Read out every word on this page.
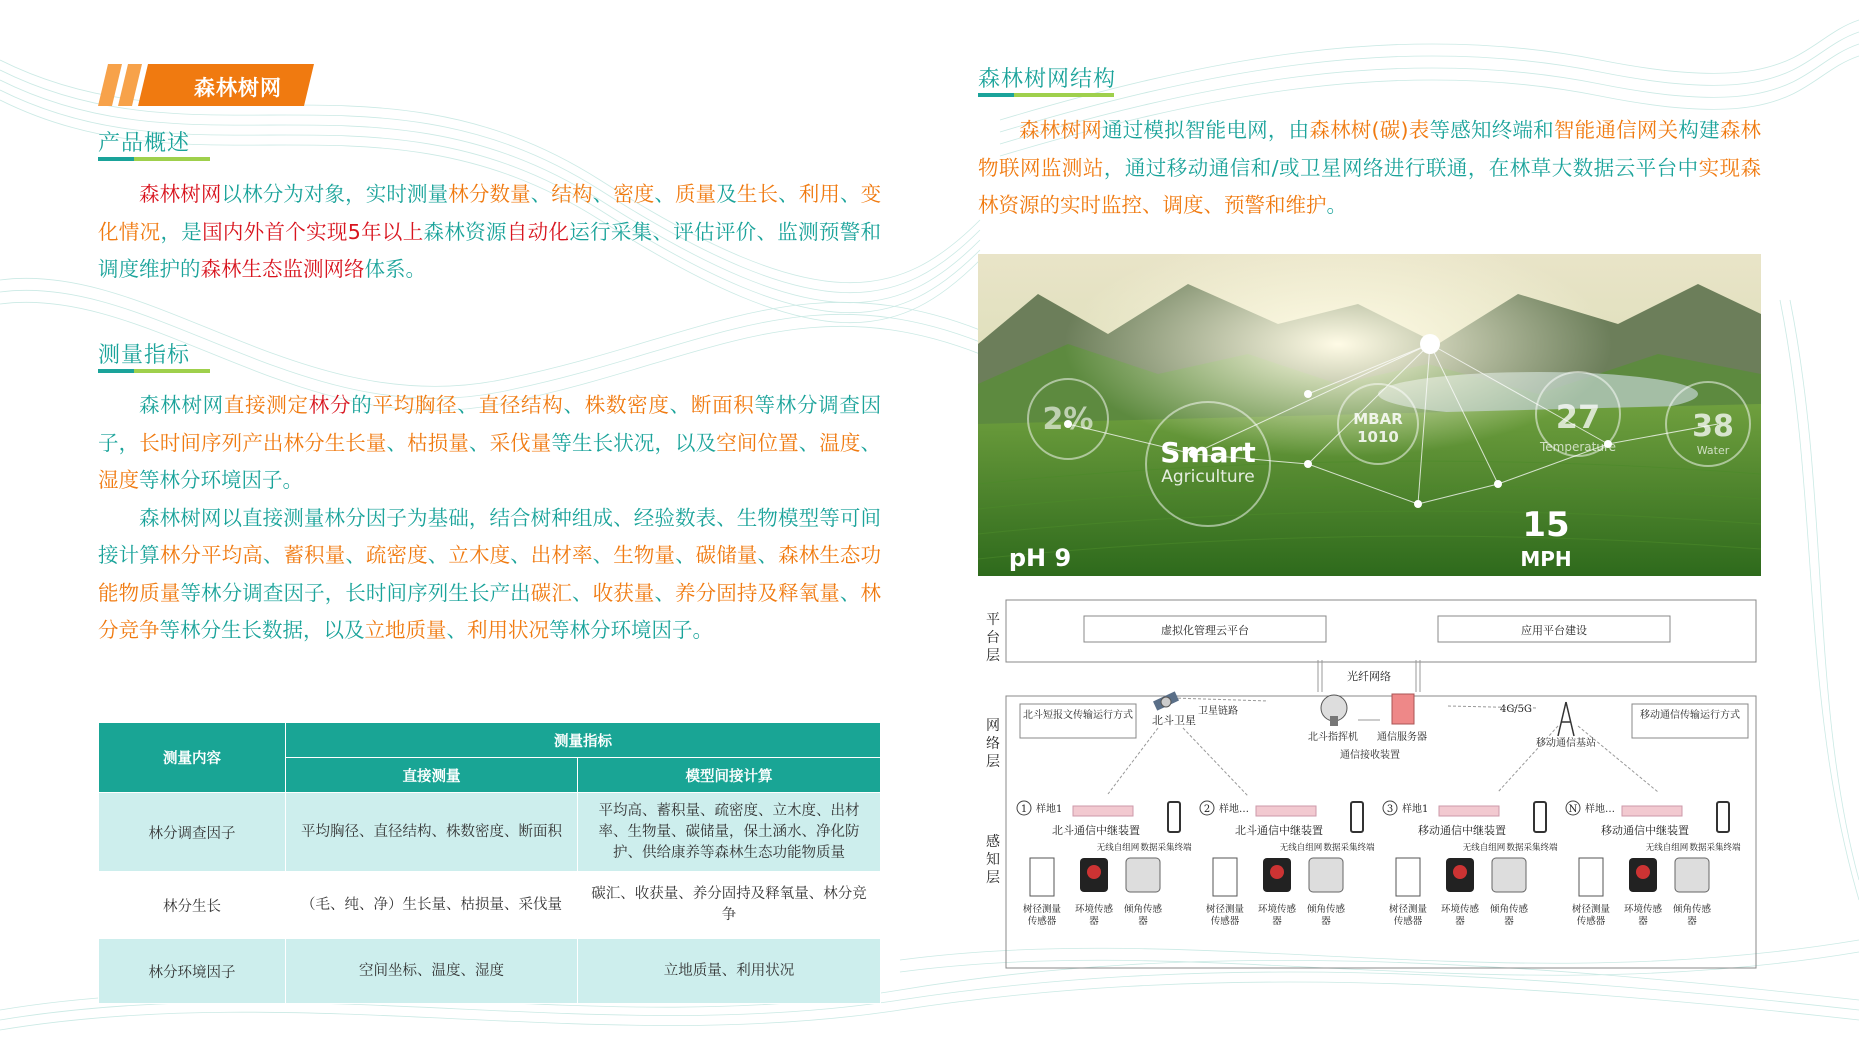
森林树网
产品概述

森林树网以林分为对象，实时测量林分数量、结构、密度、质量及生长、利用、变化情况，是国内外首个实现5年以上森林资源自动化运行采集、评估评价、监测预警和调度维护的森林生态监测网络体系。

测量指标

森林树网直接测定林分的平均胸径、直径结构、株数密度、断面积等林分调查因子，长时间序列产出林分生长量、枯损量、采伐量等生长状况，以及空间位置、温度、湿度等林分环境因子。

森林树网以直接测量林分因子为基础，结合树种组成、经验数表、生物模型等可间接计算林分平均高、蓄积量、疏密度、立木度、出材率、生物量、碳储量、森林生态功能物质量等林分调查因子，长时间序列生长产出碳汇、收获量、养分固持及释氧量、林分竞争等林分生长数据，以及立地质量、利用状况等林分环境因子。

测量内容	测量指标	
	直接测量	模型间接计算
林分调查因子	平均胸径、直径结构、株数密度、断面积	平均高、蓄积量、疏密度、立木度、出材率、生物量、碳储量，保土涵水、净化防护、供给康养等森林生态功能物质量
林分生长	（毛、纯、净）生长量、枯损量、采伐量	碳汇、收获量、养分固持及释氧量、林分竞争
林分环境因子	空间坐标、温度、湿度	立地质量、利用状况
森林树网结构

森林树网通过模拟智能电网，由森林树(碳)表等感知终端和智能通信网关构建森林物联网监测站，通过移动通信和/或卫星网络进行联通，在林草大数据云平台中实现森林资源的实时监控、调度、预警和维护。

2%
Smart
Agriculture
MBAR
1010
27
Temperature
38
Water
15
MPH
pH 9
平
台
层
网
络
层
感
知
层
虚拟化管理云平台	应用平台建设
光纤网络
北斗短报文传输运行方式	移动通信传输运行方式
北斗卫星
卫星链路
北斗指挥机 通信服务器
通信接收装置
4G/5G
移动通信基站
1 样地1
北斗通信中继装置
无线自组网 数据采集终端
树径测量
传感器
环境传感
器
倾角传感
器
2 样地…
北斗通信中继装置
无线自组网 数据采集终端
树径测量
传感器
环境传感
器
倾角传感
器
3 样地1
移动通信中继装置
无线自组网 数据采集终端
树径测量
传感器
环境传感
器
倾角传感
器
N 样地…
移动通信中继装置
无线自组网 数据采集终端
树径测量
传感器
环境传感
器
倾角传感
器
